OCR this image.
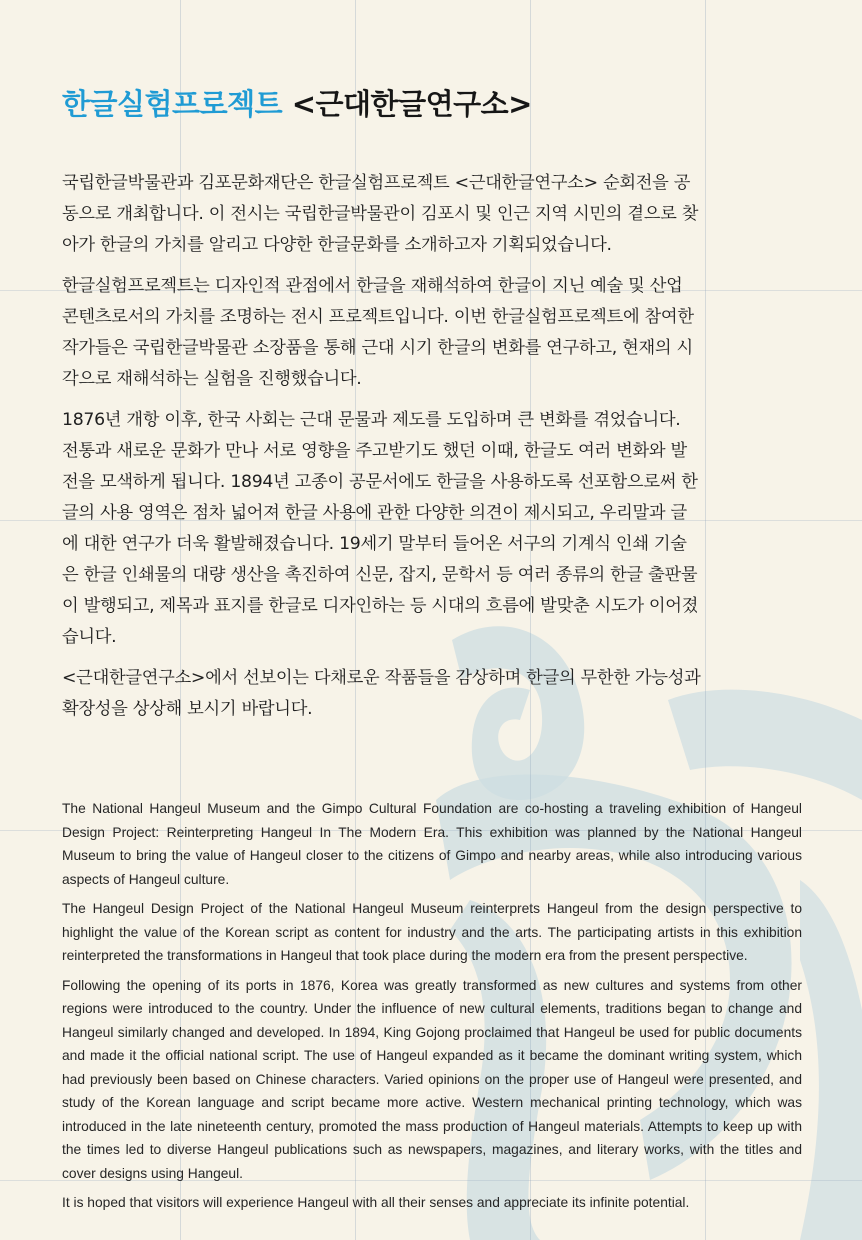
한글실험프로젝트 <근대한글연구소>

국립한글박물관과 김포문화재단은 한글실험프로젝트 <근대한글연구소> 순회전을 공동으로 개최합니다. 이 전시는 국립한글박물관이 김포시 및 인근 지역 시민의 곁으로 찾아가 한글의 가치를 알리고 다양한 한글문화를 소개하고자 기획되었습니다.

한글실험프로젝트는 디자인적 관점에서 한글을 재해석하여 한글이 지닌 예술 및 산업 콘텐츠로서의 가치를 조명하는 전시 프로젝트입니다. 이번 한글실험프로젝트에 참여한 작가들은 국립한글박물관 소장품을 통해 근대 시기 한글의 변화를 연구하고, 현재의 시각으로 재해석하는 실험을 진행했습니다.

1876년 개항 이후, 한국 사회는 근대 문물과 제도를 도입하며 큰 변화를 겪었습니다. 전통과 새로운 문화가 만나 서로 영향을 주고받기도 했던 이때, 한글도 여러 변화와 발전을 모색하게 됩니다. 1894년 고종이 공문서에도 한글을 사용하도록 선포함으로써 한글의 사용 영역은 점차 넓어져 한글 사용에 관한 다양한 의견이 제시되고, 우리말과 글에 대한 연구가 더욱 활발해졌습니다. 19세기 말부터 들어온 서구의 기계식 인쇄 기술은 한글 인쇄물의 대량 생산을 촉진하여 신문, 잡지, 문학서 등 여러 종류의 한글 출판물이 발행되고, 제목과 표지를 한글로 디자인하는 등 시대의 흐름에 발맞춘 시도가 이어졌습니다.

<근대한글연구소>에서 선보이는 다채로운 작품들을 감상하며 한글의 무한한 가능성과 확장성을 상상해 보시기 바랍니다.

The National Hangeul Museum and the Gimpo Cultural Foundation are co-hosting a traveling exhibition of Hangeul Design Project: Reinterpreting Hangeul In The Modern Era. This exhibition was planned by the National Hangeul Museum to bring the value of Hangeul closer to the citizens of Gimpo and nearby areas, while also introducing various aspects of Hangeul culture.

The Hangeul Design Project of the National Hangeul Museum reinterprets Hangeul from the design perspective to highlight the value of the Korean script as content for industry and the arts. The participating artists in this exhibition reinterpreted the transformations in Hangeul that took place during the modern era from the present perspective.

Following the opening of its ports in 1876, Korea was greatly transformed as new cultures and systems from other regions were introduced to the country. Under the influence of new cultural elements, traditions began to change and Hangeul similarly changed and developed. In 1894, King Gojong proclaimed that Hangeul be used for public documents and made it the official national script. The use of Hangeul expanded as it became the dominant writing system, which had previously been based on Chinese characters. Varied opinions on the proper use of Hangeul were presented, and study of the Korean language and script became more active. Western mechanical printing technology, which was introduced in the late nineteenth century, promoted the mass production of Hangeul materials. Attempts to keep up with the times led to diverse Hangeul publications such as newspapers, magazines, and literary works, with the titles and cover designs using Hangeul.

It is hoped that visitors will experience Hangeul with all their senses and appreciate its infinite potential.
